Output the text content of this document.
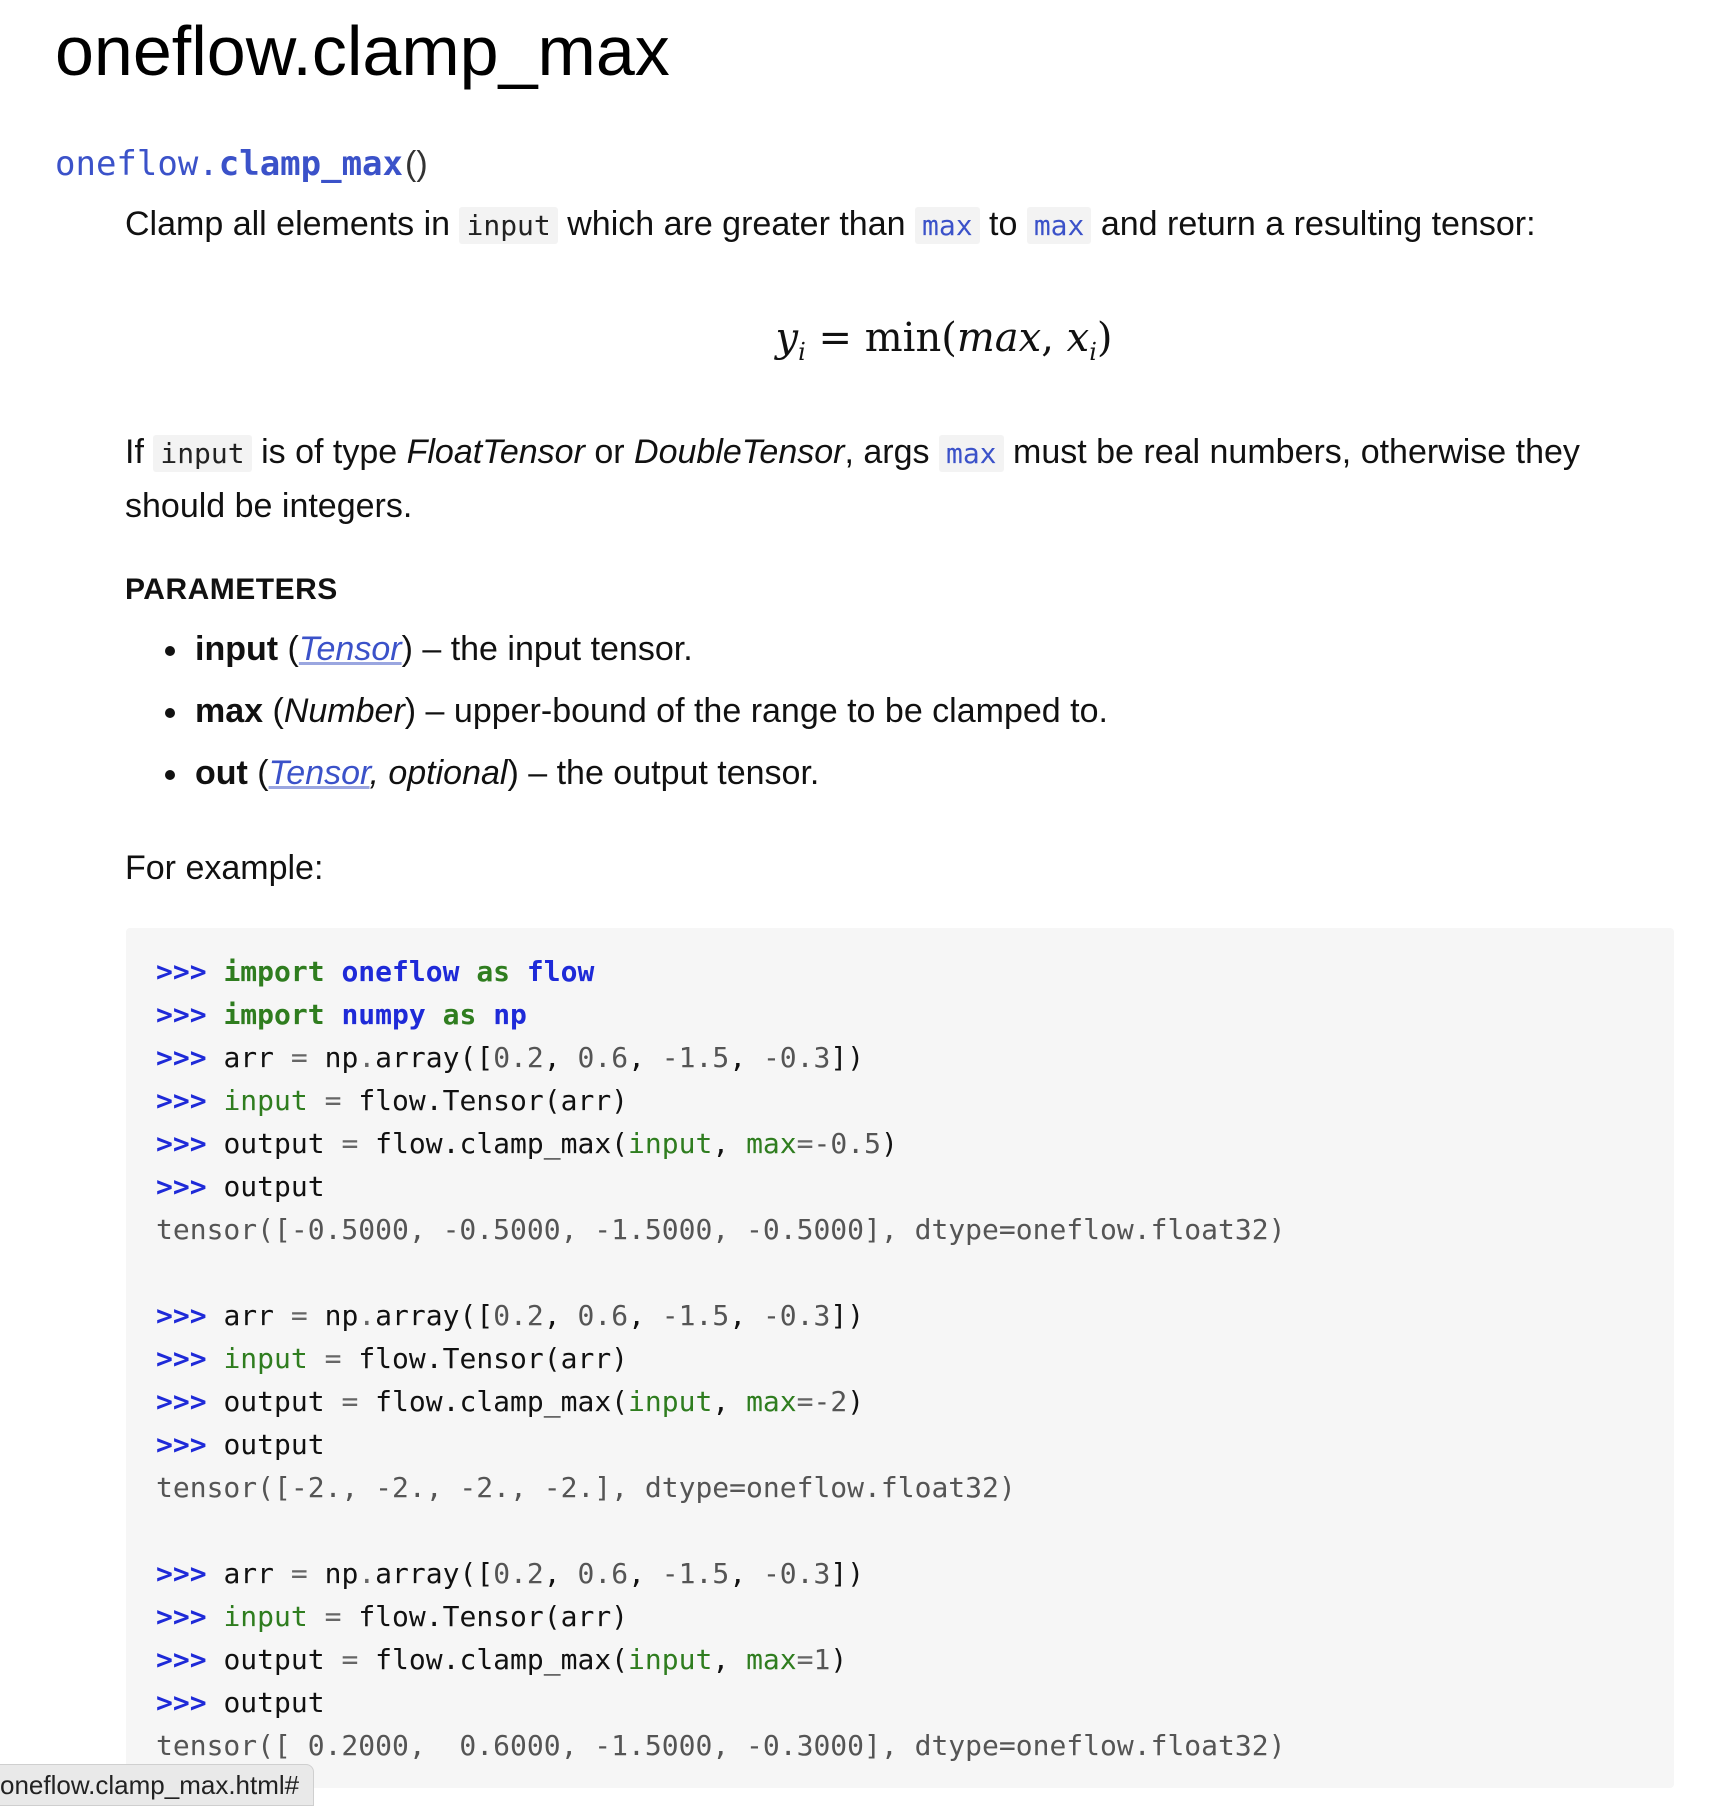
oneflow.clamp_max
oneflow. clamp_max ()

Clamp all elements in input which are greater than max to max and return a resulting tensor:

$y_i = \min(\max$, $x_i$)

If input is of type FloatTensor or DoubleTensor, args max must be real numbers, otherwise they should be integers.

PARAMETERS
input (Tensor) – the input tensor.
max (Number) – upper-bound of the range to be clamped to.
out (Tensor, optional) – the output tensor.

For example:

>>> import oneflow as flow
>>> import numpy as np
>>> arr = np.array([0.2, 0.6, -1.5, -0.3])
>>> input = flow.Tensor(arr)
>>> output = flow.clamp_max(input, max=-0.5)
>>> output
tensor([-0.5000, -0.5000, -1.5000, -0.5000], dtype=oneflow.float32)
>>> arr = np.array([0.2, 0.6, -1.5, -0.3])
>>> input = flow.Tensor(arr)
>>> output = flow.clamp_max(input, max=-2)
>>> output
tensor([-2., -2., -2., -2.], dtype=oneflow.float32)
>>> arr = np.array([0.2, 0.6, -1.5, -0.3])
>>> input = flow.Tensor(arr)
>>> output = flow.clamp_max(input, max=1)
>>> output
tensor([ 0.2000,  0.6000, -1.5000, -0.3000], dtype=oneflow.float32)
oneflow.clamp_max.html#
